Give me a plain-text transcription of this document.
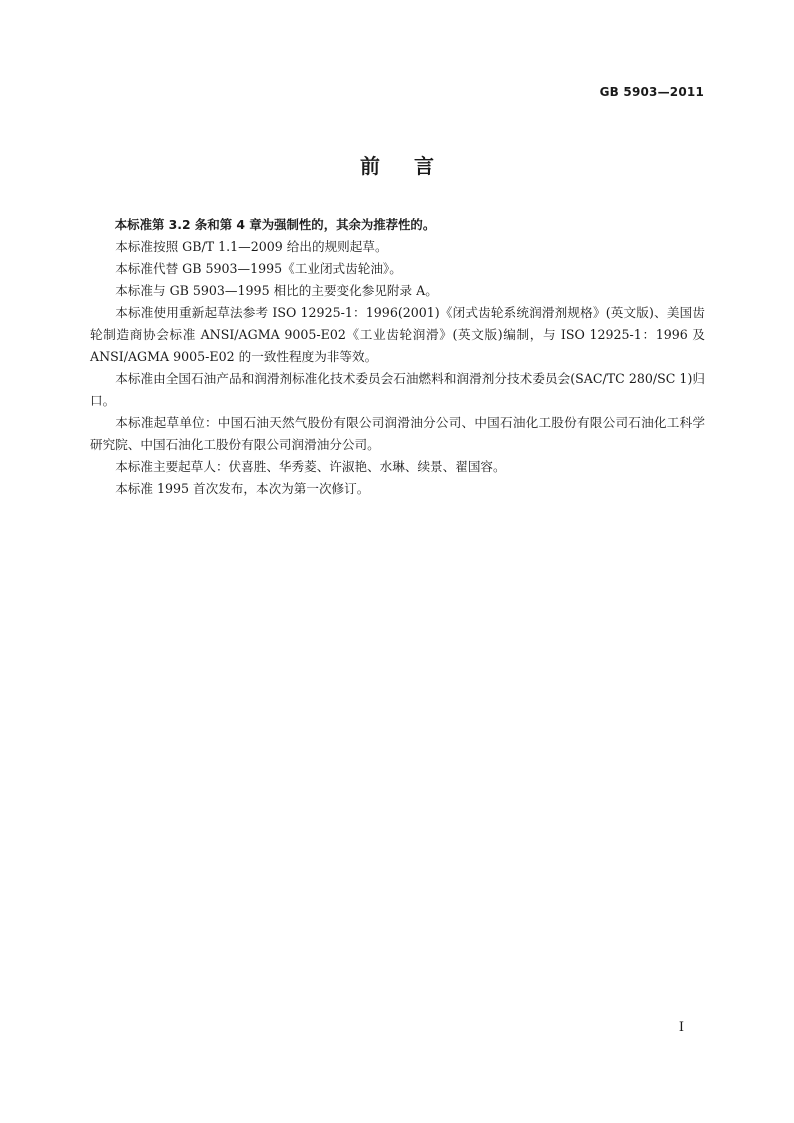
GB 5903—2011
前言

本标准第 3.2 条和第 4 章为强制性的，其余为推荐性的。

本标准按照 GB/T 1.1—2009 给出的规则起草。

本标准代替 GB 5903—1995《工业闭式齿轮油》。

本标准与 GB 5903—1995 相比的主要变化参见附录 A。

本标准使用重新起草法参考 ISO 12925-1：1996(2001)《闭式齿轮系统润滑剂规格》(英文版)、美国齿轮制造商协会标准 ANSI/AGMA 9005-E02《工业齿轮润滑》(英文版)编制，与 ISO 12925-1：1996 及 ANSI/AGMA 9005-E02 的一致性程度为非等效。

本标准由全国石油产品和润滑剂标准化技术委员会石油燃料和润滑剂分技术委员会(SAC/TC 280/SC 1)归口。

本标准起草单位：中国石油天然气股份有限公司润滑油分公司、中国石油化工股份有限公司石油化工科学研究院、中国石油化工股份有限公司润滑油分公司。

本标准主要起草人：伏喜胜、华秀菱、许淑艳、水琳、续景、翟国容。

本标准 1995 首次发布，本次为第一次修订。

I
